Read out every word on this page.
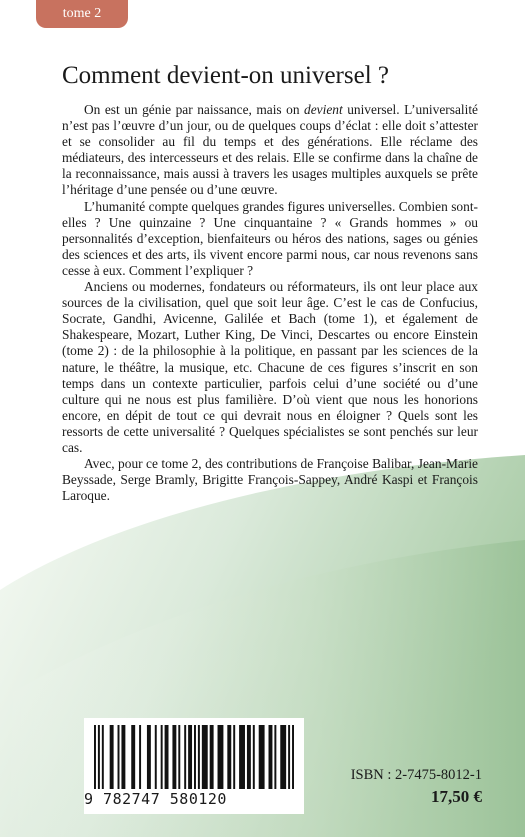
tome 2
Comment devient-on universel ?

On est un génie par naissance, mais on devient universel. L’universalité n’est pas l’œuvre d’un jour, ou de quelques coups d’éclat : elle doit s’attester et se consolider au fil du temps et des générations. Elle réclame des médiateurs, des intercesseurs et des relais. Elle se confirme dans la chaîne de la reconnaissance, mais aussi à travers les usages multiples auxquels se prête l’héritage d’une pensée ou d’une œuvre.

L’humanité compte quelques grandes figures universelles. Combien sont-elles ? Une quinzaine ? Une cinquantaine ? « Grands hommes » ou personnalités d’exception, bienfaiteurs ou héros des nations, sages ou génies des sciences et des arts, ils vivent encore parmi nous, car nous revenons sans cesse à eux. Comment l’expliquer ?

Anciens ou modernes, fondateurs ou réformateurs, ils ont leur place aux sources de la civilisation, quel que soit leur âge. C’est le cas de Confucius, Socrate, Gandhi, Avicenne, Galilée et Bach (tome 1), et également de Shakespeare, Mozart, Luther King, De Vinci, Descartes ou encore Einstein (tome 2) : de la philosophie à la politique, en passant par les sciences de la nature, le théâtre, la musique, etc. Chacune de ces figures s’inscrit en son temps dans un contexte particulier, parfois celui d’une société ou d’une culture qui ne nous est plus familière. D’où vient que nous les honorions encore, en dépit de tout ce qui devrait nous en éloigner ? Quels sont les ressorts de cette universalité ? Quelques spécialistes se sont penchés sur leur cas.

Avec, pour ce tome 2, des contributions de Françoise Balibar, Jean-Marie Beyssade, Serge Bramly, Brigitte François-Sappey, André Kaspi et François Laroque.

9 782747 580120
ISBN : 2-7475-8012-1
17,50 €
